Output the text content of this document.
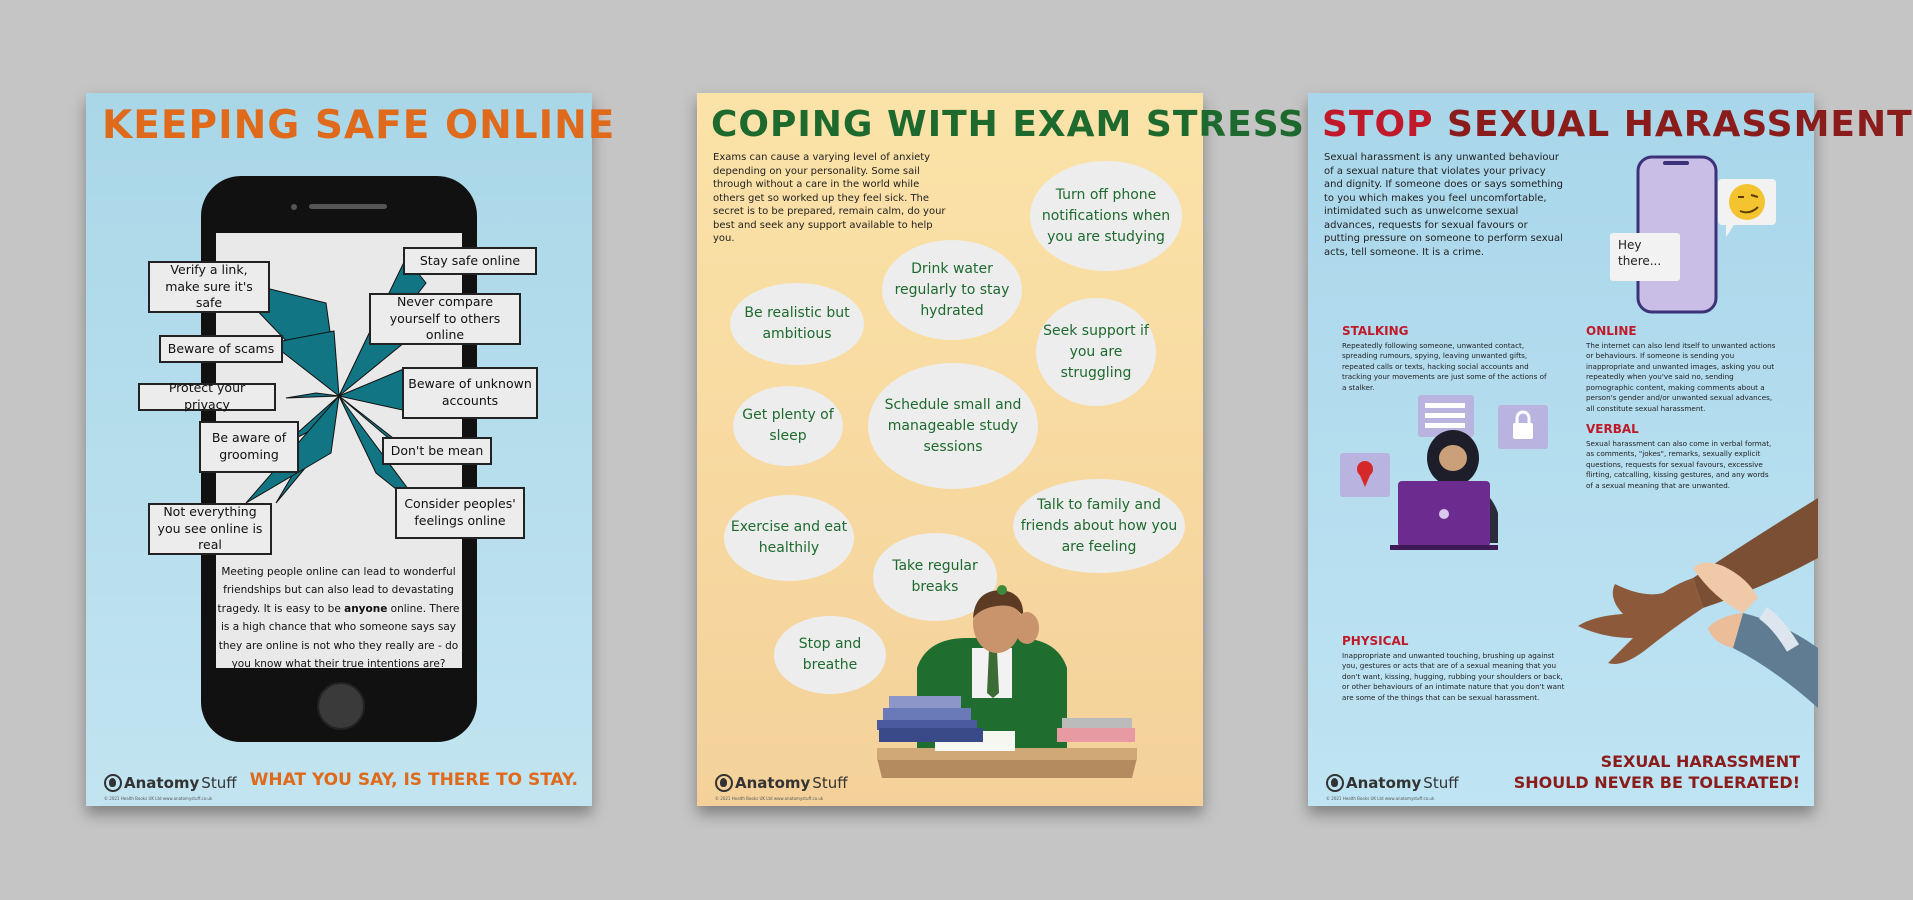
KEEPING SAFE ONLINE
Verify a link, make sure it's safe
Beware of scams
Protect your privacy
Be aware of grooming
Not everything you see online is real
Stay safe online
Never compare yourself to others online
Beware of unknown accounts
Don't be mean
Consider peoples' feelings online
Meeting people online can lead to wonderful friendships but can also lead to devastating tragedy. It is easy to be anyone online. There is a high chance that who someone says say they are online is not who they really are - do you know what their true intentions are?
Anatomy Stuff
© 2021 Health Books UK Ltd www.anatomystuff.co.uk
WHAT YOU SAY, IS THERE TO STAY.
COPING WITH EXAM STRESS
Exams can cause a varying level of anxiety depending on your personality. Some sail through without a care in the world while others get so worked up they feel sick. The secret is to be prepared, remain calm, do your best and seek any support available to help you.
Turn off phone notifications when you are studying
Drink water regularly to stay hydrated
Be realistic but ambitious	Seek support if you are struggling
Get plenty of sleep
Schedule small and manageable study sessions
Talk to family and friends about how you are feeling
Exercise and eat healthily
Take regular breaks
Stop and breathe
Anatomy Stuff
© 2021 Health Books UK Ltd www.anatomystuff.co.uk
STOP SEXUAL HARASSMENT
Sexual harassment is any unwanted behaviour of a sexual nature that violates your privacy and dignity. If someone does or says something to you which makes you feel uncomfortable, intimidated such as unwelcome sexual advances, requests for sexual favours or putting pressure on someone to perform sexual acts, tell someone. It is a crime.	Hey there...
STALKING
Repeatedly following someone, unwanted contact, spreading rumours, spying, leaving unwanted gifts, repeated calls or texts, hacking social accounts and tracking your movements are just some of the actions of a stalker.
ONLINE
The internet can also lend itself to unwanted actions or behaviours. If someone is sending you inappropriate and unwanted images, asking you out repeatedly when you've said no, sending pornographic content, making comments about a person's gender and/or unwanted sexual advances, all constitute sexual harassment.
VERBAL
Sexual harassment can also come in verbal format, as comments, "jokes", remarks, sexually explicit questions, requests for sexual favours, excessive flirting, catcalling, kissing gestures, and any words of a sexual meaning that are unwanted.
PHYSICAL
Inappropriate and unwanted touching, brushing up against you, gestures or acts that are of a sexual meaning that you don't want, kissing, hugging, rubbing your shoulders or back, or other behaviours of an intimate nature that you don't want are some of the things that can be sexual harassment.
Anatomy Stuff
© 2021 Health Books UK Ltd www.anatomystuff.co.uk
SEXUAL HARASSMENT
SHOULD NEVER BE TOLERATED!
